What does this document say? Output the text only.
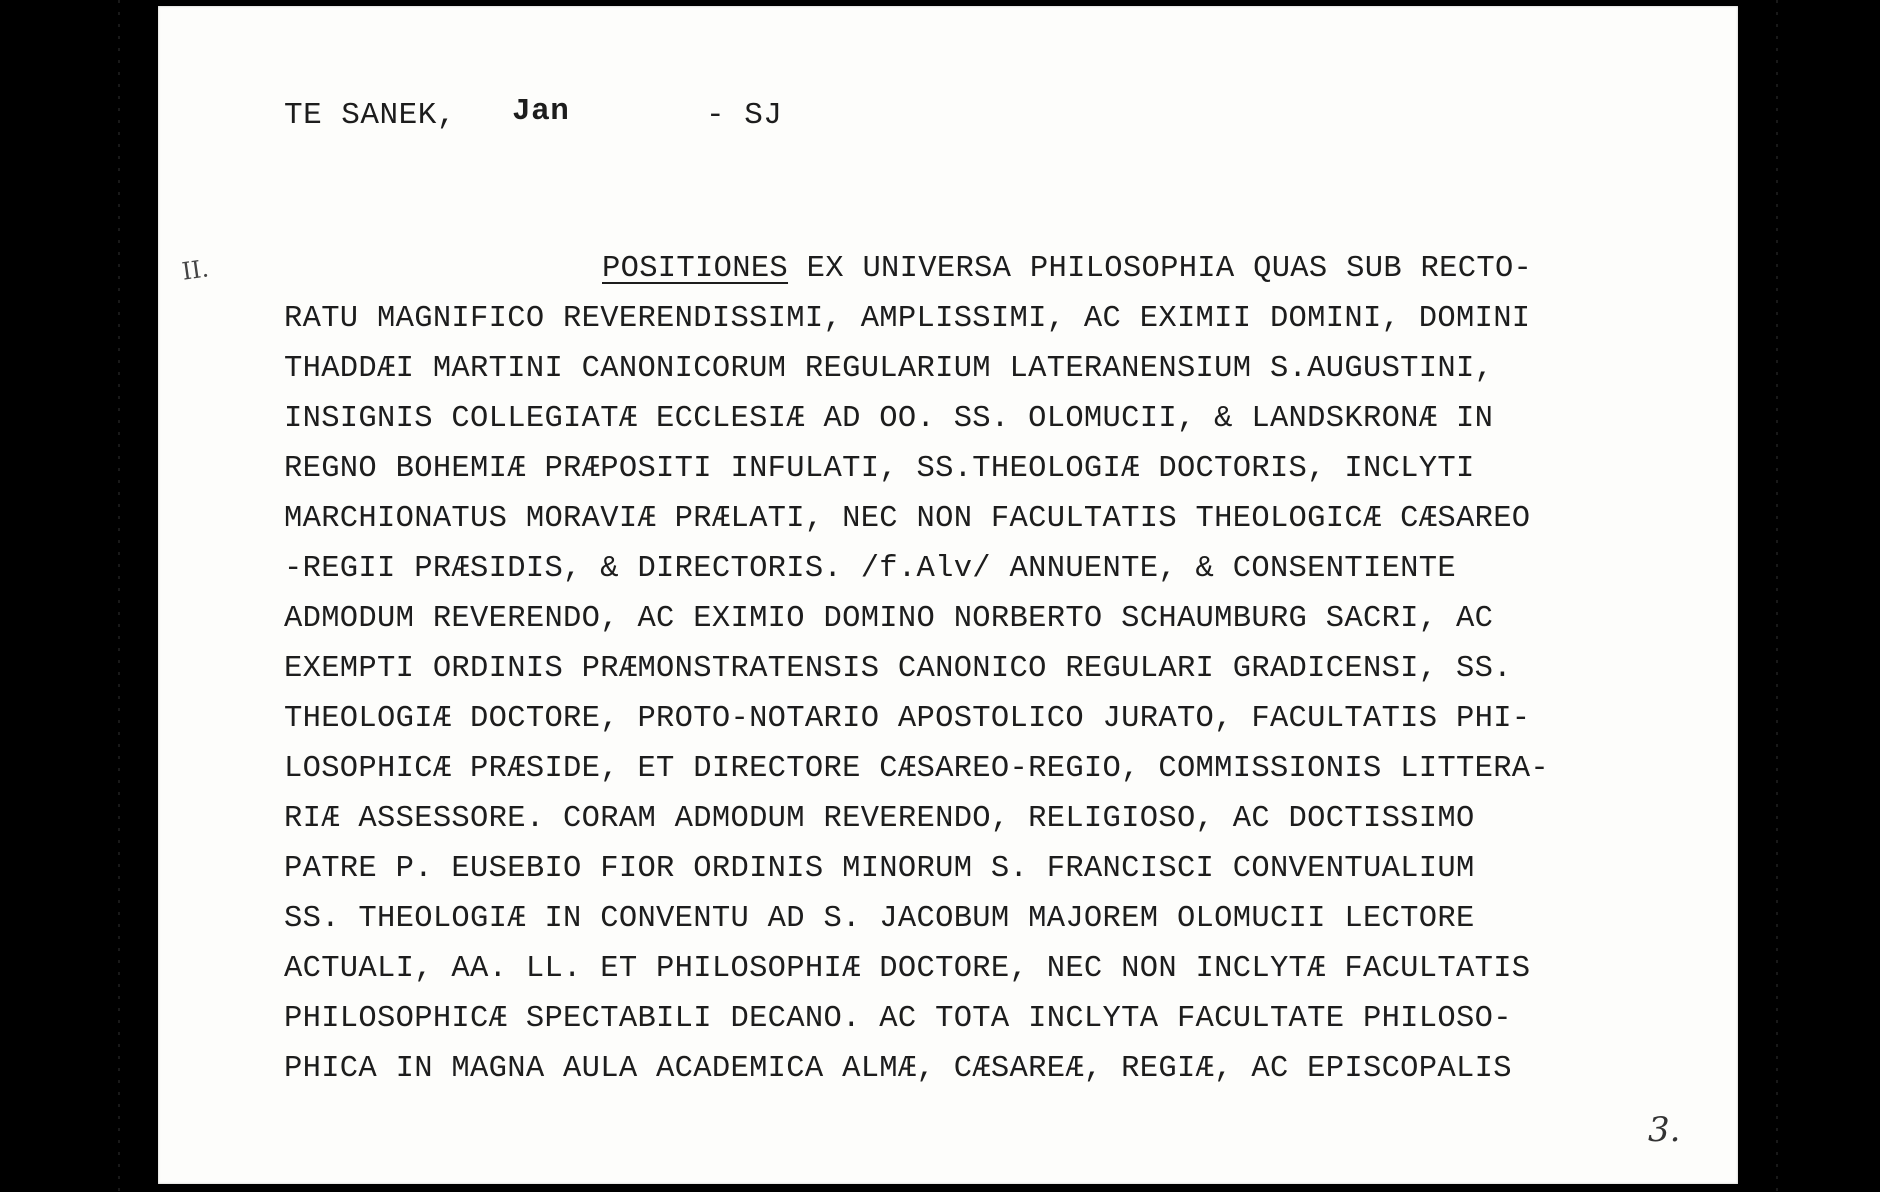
TE SANEK,

Jan

	- SJ

II.	POSITIONES EX UNIVERSA PHILOSOPHIA QUAS SUB RECTO-
RATU MAGNIFICO REVERENDISSIMI, AMPLISSIMI, AC EXIMII DOMINI, DOMINI
THADDÆI MARTINI CANONICORUM REGULARIUM LATERANENSIUM S.AUGUSTINI,
INSIGNIS COLLEGIATÆ ECCLESIÆ AD OO. SS. OLOMUCII, & LANDSKRONÆ IN
REGNO BOHEMIÆ PRÆPOSITI INFULATI, SS.THEOLOGIÆ DOCTORIS, INCLYTI
MARCHIONATUS MORAVIÆ PRÆLATI, NEC NON FACULTATIS THEOLOGICÆ CÆSAREO
-REGII PRÆSIDIS, & DIRECTORIS. /f.Alv/ ANNUENTE, & CONSENTIENTE
ADMODUM REVERENDO, AC EXIMIO DOMINO NORBERTO SCHAUMBURG SACRI, AC
EXEMPTI ORDINIS PRÆMONSTRATENSIS CANONICO REGULARI GRADICENSI, SS.
THEOLOGIÆ DOCTORE, PROTO-NOTARIO APOSTOLICO JURATO, FACULTATIS PHI-
LOSOPHICÆ PRÆSIDE, ET DIRECTORE CÆSAREO-REGIO, COMMISSIONIS LITTERA-
RIÆ ASSESSORE. CORAM ADMODUM REVERENDO, RELIGIOSO, AC DOCTISSIMO
PATRE P. EUSEBIO FIOR ORDINIS MINORUM S. FRANCISCI CONVENTUALIUM
SS. THEOLOGIÆ IN CONVENTU AD S. JACOBUM MAJOREM OLOMUCII LECTORE
ACTUALI, AA. LL. ET PHILOSOPHIÆ DOCTORE, NEC NON INCLYTÆ FACULTATIS
PHILOSOPHICÆ SPECTABILI DECANO. AC TOTA INCLYTA FACULTATE PHILOSO-
PHICA IN MAGNA AULA ACADEMICA ALMÆ, CÆSAREÆ, REGIÆ, AC EPISCOPALIS
3.
